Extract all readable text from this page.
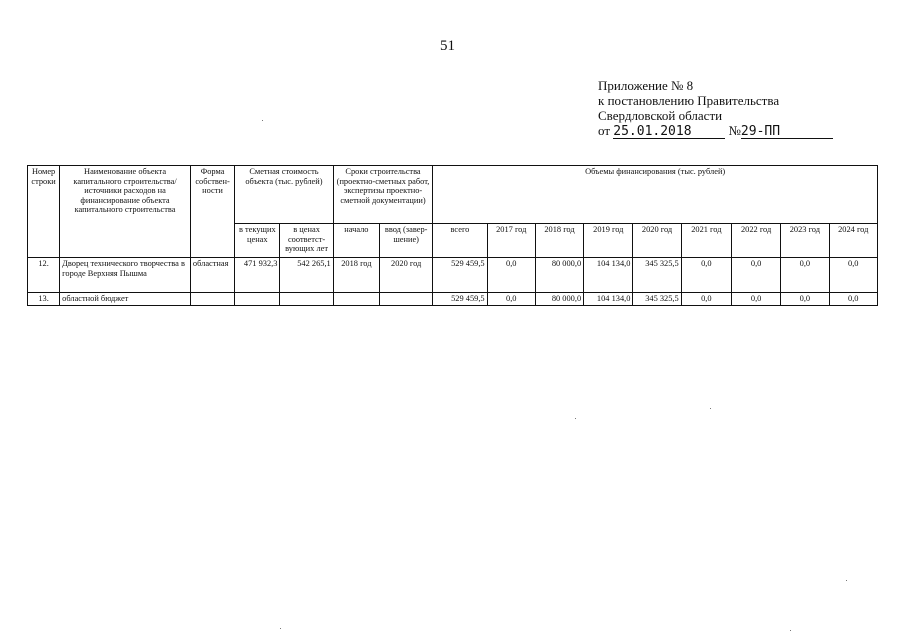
51
Приложение № 8
к постановлению Правительства
Свердловской области
от 25.01.2018	№29-ПП
Номер строки	Наименование объекта капитального строительства/ источники расходов на финансирование объекта капитального строительства	Форма собствен-ности	Сметная стоимость объекта (тыс. рублей)		Сроки строительства (проектно-сметных работ, экспертизы проектно-сметной документации)		Объемы финансирования (тыс. рублей)								
			в текущих ценах	в ценах соответст-вующих лет	начало	ввод (завер-шение)	всего	2017 год	2018 год	2019 год	2020 год	2021 год	2022 год	2023 год	2024 год
12.	Дворец технического творчества в городе Верхняя Пышма	областная	471 932,3	542 265,1	2018 год	2020 год	529 459,5	0,0	80 000,0	104 134,0	345 325,5	0,0	0,0	0,0	0,0
13.	областной бюджет						529 459,5	0,0	80 000,0	104 134,0	345 325,5	0,0	0,0	0,0	0,0
